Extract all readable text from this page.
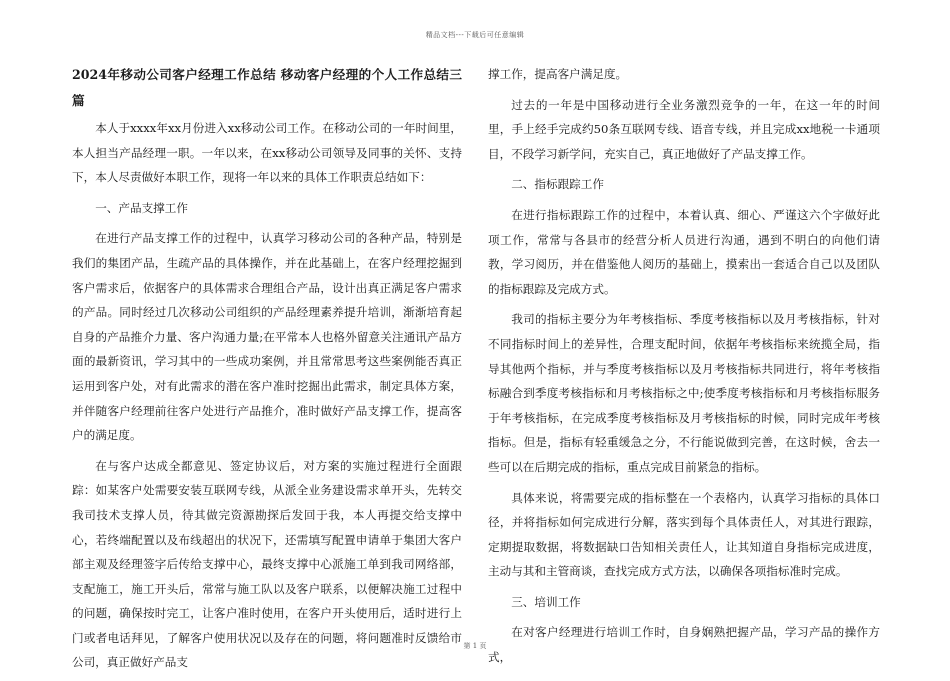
精品文档---下载后可任意编辑
2024年移动公司客户经理工作总结 移动客户经理的个人工作总结三篇
本人于xxxx年xx月份进入xx移动公司工作。在移动公司的一年时间里，本人担当产品经理一职。一年以来，在xx移动公司领导及同事的关怀、支持下，本人尽责做好本职工作，现将一年以来的具体工作职责总结如下：
一、产品支撑工作
在进行产品支撑工作的过程中，认真学习移动公司的各种产品，特别是我们的集团产品，生疏产品的具体操作，并在此基础上，在客户经理挖掘到客户需求后，依据客户的具体需求合理组合产品，设计出真正满足客户需求的产品。同时经过几次移动公司组织的产品经理素养提升培训，渐渐培育起自身的产品推介力量、客户沟通力量;在平常本人也格外留意关注通讯产品方面的最新资讯，学习其中的一些成功案例，并且常常思考这些案例能否真正运用到客户处，对有此需求的潜在客户准时挖掘出此需求，制定具体方案，并伴随客户经理前往客户处进行产品推介，准时做好产品支撑工作，提高客户的满足度。
在与客户达成全都意见、签定协议后，对方案的实施过程进行全面跟踪：如某客户处需要安装互联网专线，从派全业务建设需求单开头，先转交我司技术支撑人员，待其做完资源勘探后发回于我，本人再提交给支撑中心，若终端配置以及布线超出的状况下，还需填写配置申请单于集团大客户部主观及经理签字后传给支撑中心，最终支撑中心派施工单到我司网络部，支配施工，施工开头后，常常与施工队以及客户联系，以便解决施工过程中的问题，确保按时完工，让客户准时使用，在客户开头使用后，适时进行上门或者电话拜见，了解客户使用状况以及存在的问题，将问题准时反馈给市公司，真正做好产品支
撑工作，提高客户满足度。
过去的一年是中国移动进行全业务激烈竞争的一年，在这一年的时间里，手上经手完成约50条互联网专线、语音专线，并且完成xx地税一卡通项目，不段学习新学问，充实自己，真正地做好了产品支撑工作。
二、指标跟踪工作
在进行指标跟踪工作的过程中，本着认真、细心、严谨这六个字做好此项工作，常常与各县市的经营分析人员进行沟通，遇到不明白的向他们请教，学习阅历，并在借鉴他人阅历的基础上，摸索出一套适合自己以及团队的指标跟踪及完成方式。
我司的指标主要分为年考核指标、季度考核指标以及月考核指标，针对不同指标时间上的差异性，合理支配时间，依据年考核指标来统揽全局，指导其他两个指标，并与季度考核指标以及月考核指标共同进行，将年考核指标融合到季度考核指标和月考核指标之中;使季度考核指标和月考核指标服务于年考核指标，在完成季度考核指标及月考核指标的时候，同时完成年考核指标。但是，指标有轻重缓急之分，不行能说做到完善，在这时候，舍去一些可以在后期完成的指标，重点完成目前紧急的指标。
具体来说，将需要完成的指标整在一个表格内，认真学习指标的具体口径，并将指标如何完成进行分解，落实到每个具体责任人，对其进行跟踪，定期提取数据，将数据缺口告知相关责任人，让其知道自身指标完成进度，主动与其和主管商谈，查找完成方式方法，以确保各项指标准时完成。
三、培训工作
在对客户经理进行培训工作时，自身娴熟把握产品，学习产品的操作方式，
第 1 页
